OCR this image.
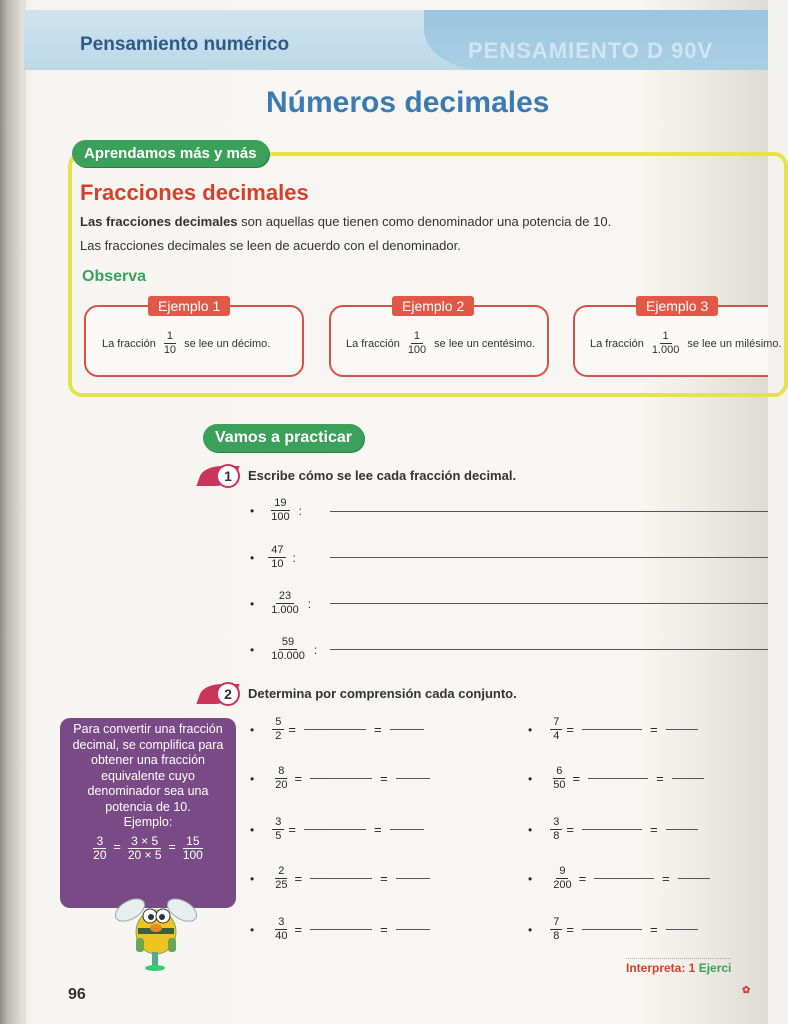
Pensamiento numérico	PENSAMIENTO D 90V
Números decimales
Aprendamos más y más
Fracciones decimales
Las fracciones decimales son aquellas que tienen como denominador una potencia de 10.
Las fracciones decimales se leen de acuerdo con el denominador.
Observa
Ejemplo 1
La fracción $\frac{1}{10}$ se lee un décimo.
Ejemplo 2
La fracción $\frac{1}{100}$ se lee un centésimo.
Ejemplo 3
La fracción $\frac{1}{1.000}$ se lee un milésimo.
Vamos a practicar
1	Escribe cómo se lee cada fracción decimal.
• $\frac{19}{100}$ :
• $\frac{47}{10}$ :
• $\frac{23}{1.000}$ :
• $\frac{59}{10.000}$ :
2	Determina por comprensión cada conjunto.
•
$\frac{5}{2}$ =	=
•
$\frac{8}{20}$ =	=
•
$\frac{3}{5}$ =	=
•
$\frac{2}{25}$ =	=
•
$\frac{3}{40}$ =	=
•
$\frac{7}{4}$ =	=
•
$\frac{6}{50}$ =	=
•
$\frac{3}{8}$ =	=
•
$\frac{9}{200}$ =	=
•
$\frac{7}{8}$ =	=
Para convertir una fracción decimal, se complifica para obtener una fracción equivalente cuyo denominador sea una potencia de 10.
Ejemplo:
$\frac{3}{20} = \frac{3 \times 5}{20 \times 5} = \frac{15}{100}$
96
Interpreta: 1 Ejerci
✿
